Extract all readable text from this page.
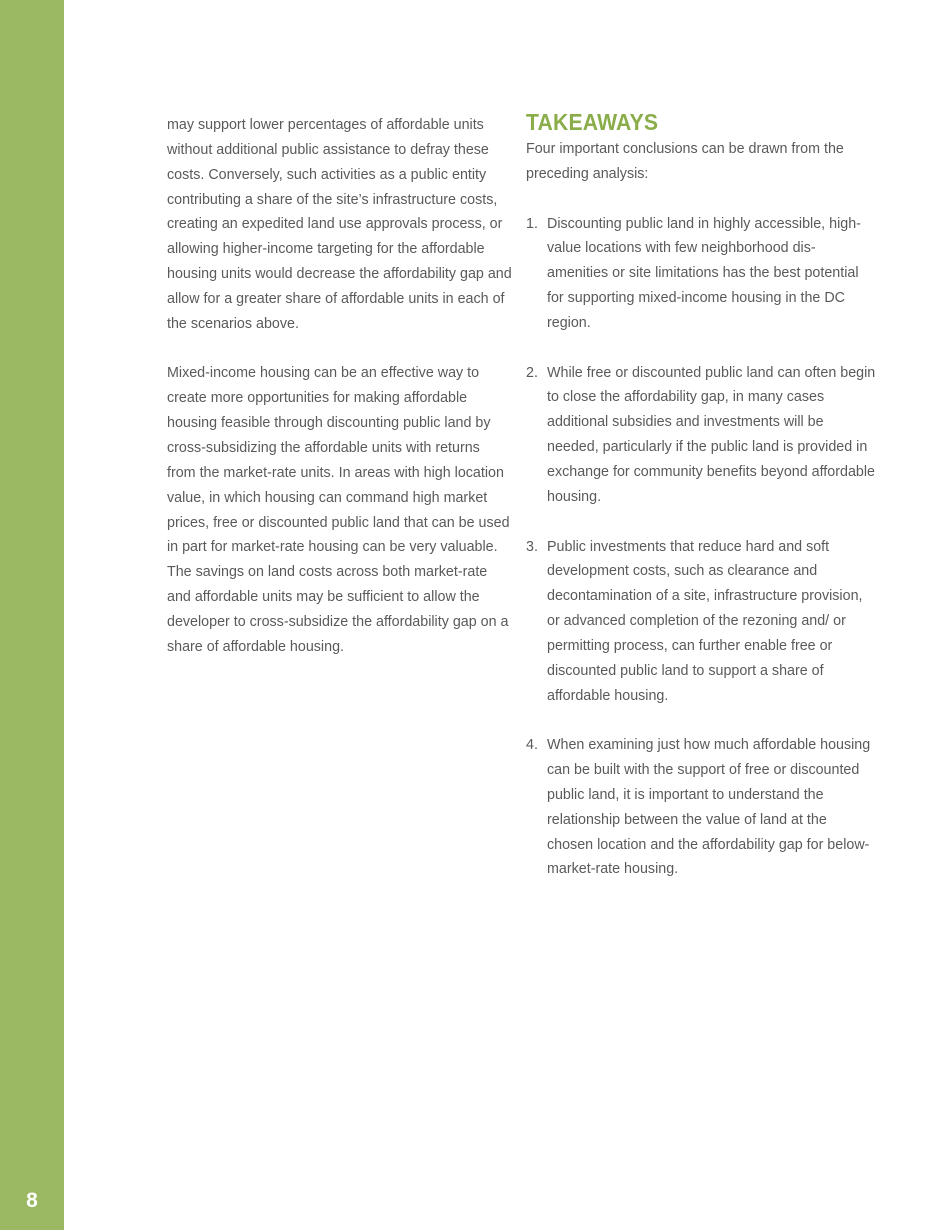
8

may support lower percentages of affordable units without additional public assistance to defray these costs. Conversely, such activities as a public entity contributing a share of the site’s infrastructure costs, creating an expedited land use approvals process, or allowing higher-income targeting for the affordable housing units would decrease the affordability gap and allow for a greater share of affordable units in each of the scenarios above.

Mixed-income housing can be an effective way to create more opportunities for making affordable housing feasible through discounting public land by cross-subsidizing the affordable units with returns from the market-rate units. In areas with high location value, in which housing can command high market prices, free or discounted public land that can be used in part for market-rate housing can be very valuable. The savings on land costs across both market-rate and affordable units may be sufficient to allow the developer to cross-subsidize the affordability gap on a share of affordable housing.

TAKEAWAYS

Four important conclusions can be drawn from the preceding analysis:

1. Discounting public land in highly accessible, high-value locations with few neighborhood dis-amenities or site limitations has the best potential for supporting mixed-income housing in the DC region.
2. While free or discounted public land can often begin to close the affordability gap, in many cases additional subsidies and investments will be needed, particularly if the public land is provided in exchange for community benefits beyond affordable housing.
3. Public investments that reduce hard and soft development costs, such as clearance and decontamination of a site, infrastructure provision, or advanced completion of the rezoning and/ or permitting process, can further enable free or discounted public land to support a share of affordable housing.
4. When examining just how much affordable housing can be built with the support of free or discounted public land, it is important to understand the relationship between the value of land at the chosen location and the affordability gap for below-market-rate housing.
